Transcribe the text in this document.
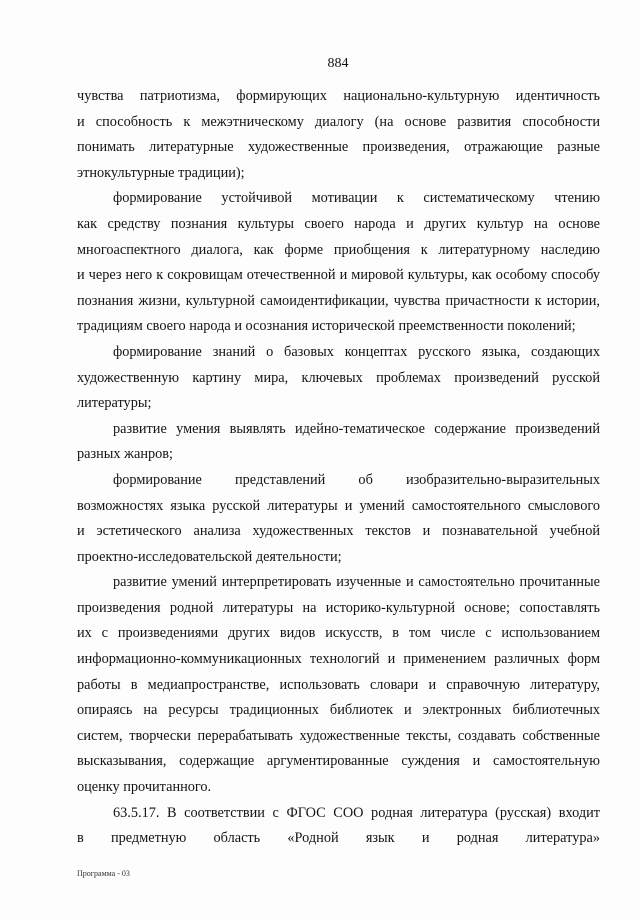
884
чувства патриотизма, формирующих национально-культурную идентичность
и способность к межэтническому диалогу (на основе развития способности
понимать литературные художественные произведения, отражающие разные
этнокультурные традиции);
формирование устойчивой мотивации к систематическому чтению
как средству познания культуры своего народа и других культур на основе
многоаспектного диалога, как форме приобщения к литературному наследию
и через него к сокровищам отечественной и мировой культуры, как особому способу
познания жизни, культурной самоидентификации, чувства причастности к истории,
традициям своего народа и осознания исторической преемственности поколений;
формирование знаний о базовых концептах русского языка, создающих
художественную картину мира, ключевых проблемах произведений русской
литературы;
развитие умения выявлять идейно-тематическое содержание произведений
разных жанров;
формирование представлений об изобразительно-выразительных
возможностях языка русской литературы и умений самостоятельного смыслового
и эстетического анализа художественных текстов и познавательной учебной
проектно-исследовательской деятельности;
развитие умений интерпретировать изученные и самостоятельно прочитанные
произведения родной литературы на историко-культурной основе; сопоставлять
их с произведениями других видов искусств, в том числе с использованием
информационно-коммуникационных технологий и применением различных форм
работы в медиапространстве, использовать словари и справочную литературу,
опираясь на ресурсы традиционных библиотек и электронных библиотечных
систем, творчески перерабатывать художественные тексты, создавать собственные
высказывания, содержащие аргументированные суждения и самостоятельную
оценку прочитанного.
63.5.17. В соответствии с ФГОС СОО родная литература (русская) входит
в предметную область «Родной язык и родная литература»
Программа - 03
